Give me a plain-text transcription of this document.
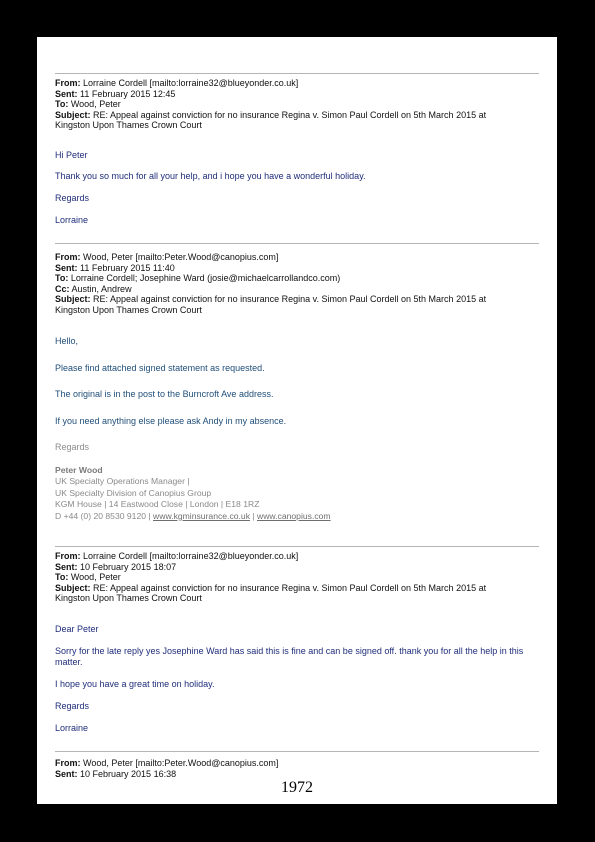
From: Lorraine Cordell [mailto:lorraine32@blueyonder.co.uk]
Sent: 11 February 2015 12:45
To: Wood, Peter
Subject: RE: Appeal against conviction for no insurance Regina v. Simon Paul Cordell on 5th March 2015 at
Kingston Upon Thames Crown Court
Hi Peter
Thank you so much for all your help, and i hope you have a wonderful holiday.
Regards
Lorraine
From: Wood, Peter [mailto:Peter.Wood@canopius.com]
Sent: 11 February 2015 11:40
To: Lorraine Cordell; Josephine Ward (josie@michaelcarrollandco.com)
Cc: Austin, Andrew
Subject: RE: Appeal against conviction for no insurance Regina v. Simon Paul Cordell on 5th March 2015 at
Kingston Upon Thames Crown Court
Hello,
Please find attached signed statement as requested.
The original is in the post to the Burncroft Ave address.
If you need anything else please ask Andy in my absence.
Regards
Peter Wood
UK Specialty Operations Manager |
UK Specialty Division of Canopius Group
KGM House | 14 Eastwood Close | London | E18 1RZ
D +44 (0) 20 8530 9120 | www.kgminsurance.co.uk | www.canopius.com
From: Lorraine Cordell [mailto:lorraine32@blueyonder.co.uk]
Sent: 10 February 2015 18:07
To: Wood, Peter
Subject: RE: Appeal against conviction for no insurance Regina v. Simon Paul Cordell on 5th March 2015 at
Kingston Upon Thames Crown Court
Dear Peter
Sorry for the late reply yes Josephine Ward has said this is fine and can be signed off. thank you for all the help in this matter.
I hope you have a great time on holiday.
Regards
Lorraine
From: Wood, Peter [mailto:Peter.Wood@canopius.com]
Sent: 10 February 2015 16:38
1972
